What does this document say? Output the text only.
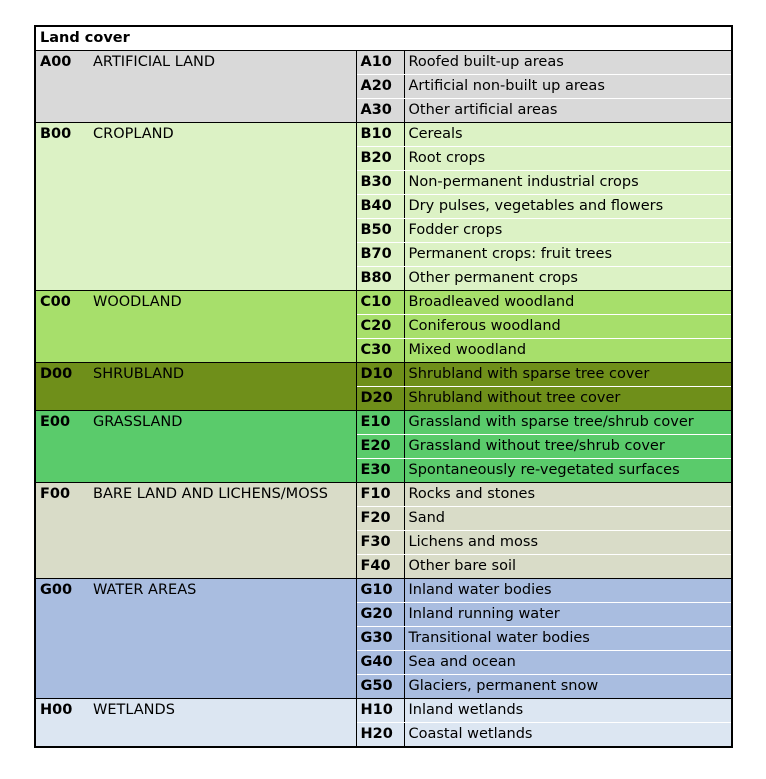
Land cover			
A00	ARTIFICIAL LAND	A10	Roofed built-up areas
		A20	Artificial non-built up areas
		A30	Other artificial areas
B00	CROPLAND	B10	Cereals
		B20	Root crops
		B30	Non-permanent industrial crops
		B40	Dry pulses, vegetables and flowers
		B50	Fodder crops
		B70	Permanent crops: fruit trees
		B80	Other permanent crops
C00	WOODLAND	C10	Broadleaved woodland
		C20	Coniferous woodland
		C30	Mixed woodland
D00	SHRUBLAND	D10	Shrubland with sparse tree cover
		D20	Shrubland without tree cover
E00	GRASSLAND	E10	Grassland with sparse tree/shrub cover
		E20	Grassland without tree/shrub cover
		E30	Spontaneously re-vegetated surfaces
F00	BARE LAND AND LICHENS/MOSS	F10	Rocks and stones
		F20	Sand
		F30	Lichens and moss
		F40	Other bare soil
G00	WATER AREAS	G10	Inland water bodies
		G20	Inland running water
		G30	Transitional water bodies
		G40	Sea and ocean
		G50	Glaciers, permanent snow
H00	WETLANDS	H10	Inland wetlands
		H20	Coastal wetlands
